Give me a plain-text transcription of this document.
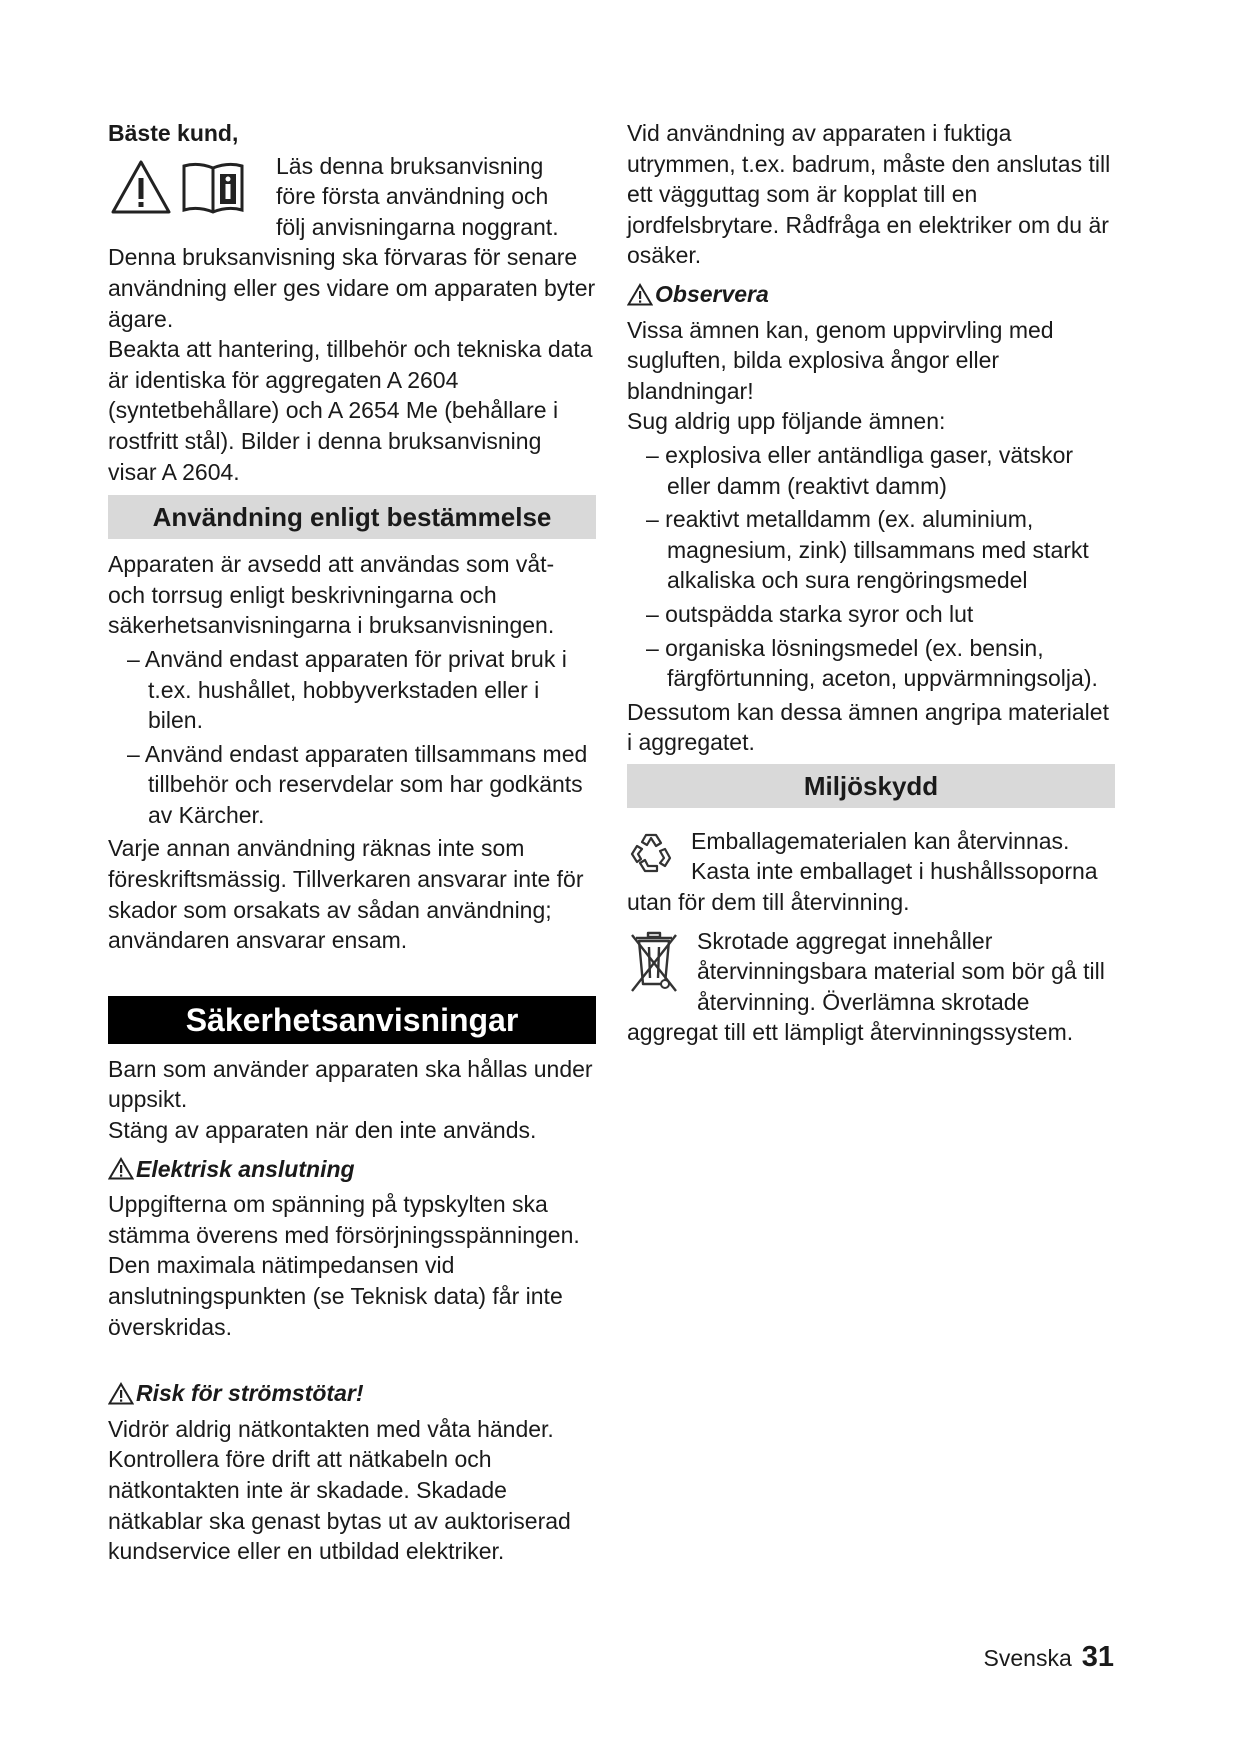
Bäste kund,

Läs denna bruksanvisning

före första användning och

följ anvisningarna noggrant.

Denna bruksanvisning ska förvaras för senare användning eller ges vidare om apparaten byter ägare.

Beakta att hantering, tillbehör och tekniska data är identiska för aggregaten A 2604 (syntetbehållare) och A 2654 Me (behållare i rostfritt stål). Bilder i denna bruksanvisning visar A 2604.

Användning enligt bestämmelse

Apparaten är avsedd att användas som våt- och torrsug enligt beskrivningarna och säkerhetsanvisningarna i bruksanvisningen.

– Använd endast apparaten för privat bruk i t.ex. hushållet, hobbyverkstaden eller i bilen.

– Använd endast apparaten tillsammans med tillbehör och reservdelar som har godkänts av Kärcher.

Varje annan användning räknas inte som föreskriftsmässig. Tillverkaren ansvarar inte för skador som orsakats av sådan användning; användaren ansvarar ensam.

Säkerhetsanvisningar

Barn som använder apparaten ska hållas under uppsikt.

Stäng av apparaten när den inte används.

Elektrisk anslutning

Uppgifterna om spänning på typskylten ska stämma överens med försörjningsspänningen.

Den maximala nätimpedansen vid anslutningspunkten (se Teknisk data) får inte överskridas.

Risk för strömstötar!

Vidrör aldrig nätkontakten med våta händer. Kontrollera före drift att nätkabeln och nätkontakten inte är skadade. Skadade nätkablar ska genast bytas ut av auktoriserad kundservice eller en utbildad elektriker.

Vid användning av apparaten i fuktiga utrymmen, t.ex. badrum, måste den anslutas till ett vägguttag som är kopplat till en jordfelsbrytare. Rådfråga en elektriker om du är osäker.

Observera

Vissa ämnen kan, genom uppvirvling med sugluften, bilda explosiva ångor eller blandningar!

Sug aldrig upp följande ämnen:

– explosiva eller antändliga gaser, vätskor eller damm (reaktivt damm)

– reaktivt metalldamm (ex. aluminium, magnesium, zink) tillsammans med starkt alkaliska och sura rengöringsmedel

– outspädda starka syror och lut

– organiska lösningsmedel (ex. bensin, färgförtunning, aceton, uppvärmningsolja).

Dessutom kan dessa ämnen angripa materialet i aggregatet.

Miljöskydd

Emballagematerialen kan återvinnas. Kasta inte emballaget i hushållssoporna utan för dem till återvinning.

Skrotade aggregat innehåller återvinningsbara material som bör gå till återvinning. Överlämna skrotade aggregat till ett lämpligt återvinningssystem.

Svenska 31
